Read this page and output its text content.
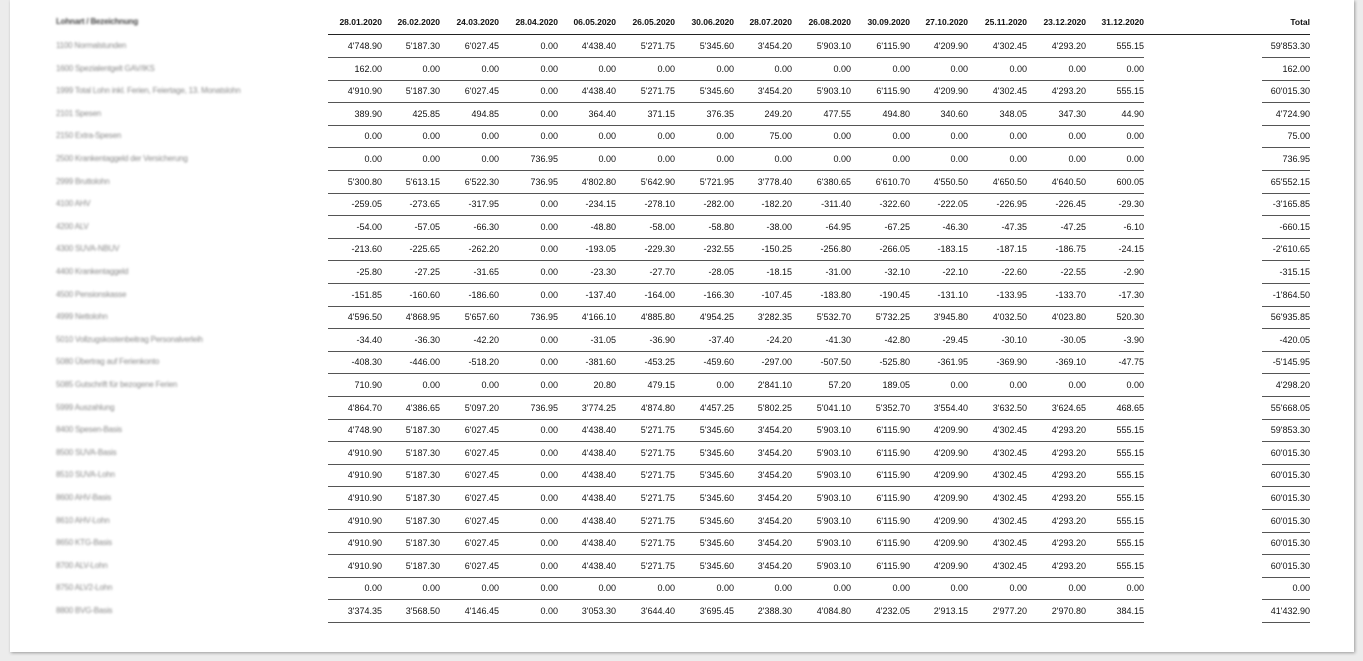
Lohnart / Bezeichnung	28.01.2020	26.02.2020	24.03.2020	28.04.2020	06.05.2020	26.05.2020	30.06.2020	28.07.2020	26.08.2020	30.09.2020	27.10.2020	25.11.2020	23.12.2020	31.12.2020	Total
1100 Normalstunden	4'748.90	5'187.30	6'027.45	0.00	4'438.40	5'271.75	5'345.60	3'454.20	5'903.10	6'115.90	4'209.90	4'302.45	4'293.20	555.15	59'853.30
1600 Spezialentgelt GAV/IKS	162.00	0.00	0.00	0.00	0.00	0.00	0.00	0.00	0.00	0.00	0.00	0.00	0.00	0.00	162.00
1999 Total Lohn inkl. Ferien, Feiertage, 13. Monatslohn	4'910.90	5'187.30	6'027.45	0.00	4'438.40	5'271.75	5'345.60	3'454.20	5'903.10	6'115.90	4'209.90	4'302.45	4'293.20	555.15	60'015.30
2101 Spesen	389.90	425.85	494.85	0.00	364.40	371.15	376.35	249.20	477.55	494.80	340.60	348.05	347.30	44.90	4'724.90
2150 Extra-Spesen	0.00	0.00	0.00	0.00	0.00	0.00	0.00	75.00	0.00	0.00	0.00	0.00	0.00	0.00	75.00
2500 Krankentaggeld der Versicherung	0.00	0.00	0.00	736.95	0.00	0.00	0.00	0.00	0.00	0.00	0.00	0.00	0.00	0.00	736.95
2999 Bruttolohn	5'300.80	5'613.15	6'522.30	736.95	4'802.80	5'642.90	5'721.95	3'778.40	6'380.65	6'610.70	4'550.50	4'650.50	4'640.50	600.05	65'552.15
4100 AHV	-259.05	-273.65	-317.95	0.00	-234.15	-278.10	-282.00	-182.20	-311.40	-322.60	-222.05	-226.95	-226.45	-29.30	-3'165.85
4200 ALV	-54.00	-57.05	-66.30	0.00	-48.80	-58.00	-58.80	-38.00	-64.95	-67.25	-46.30	-47.35	-47.25	-6.10	-660.15
4300 SUVA-NBUV	-213.60	-225.65	-262.20	0.00	-193.05	-229.30	-232.55	-150.25	-256.80	-266.05	-183.15	-187.15	-186.75	-24.15	-2'610.65
4400 Krankentaggeld	-25.80	-27.25	-31.65	0.00	-23.30	-27.70	-28.05	-18.15	-31.00	-32.10	-22.10	-22.60	-22.55	-2.90	-315.15
4500 Pensionskasse	-151.85	-160.60	-186.60	0.00	-137.40	-164.00	-166.30	-107.45	-183.80	-190.45	-131.10	-133.95	-133.70	-17.30	-1'864.50
4999 Nettolohn	4'596.50	4'868.95	5'657.60	736.95	4'166.10	4'885.80	4'954.25	3'282.35	5'532.70	5'732.25	3'945.80	4'032.50	4'023.80	520.30	56'935.85
5010 Vollzugskostenbeitrag Personalverleih	-34.40	-36.30	-42.20	0.00	-31.05	-36.90	-37.40	-24.20	-41.30	-42.80	-29.45	-30.10	-30.05	-3.90	-420.05
5080 Übertrag auf Ferienkonto	-408.30	-446.00	-518.20	0.00	-381.60	-453.25	-459.60	-297.00	-507.50	-525.80	-361.95	-369.90	-369.10	-47.75	-5'145.95
5085 Gutschrift für bezogene Ferien	710.90	0.00	0.00	0.00	20.80	479.15	0.00	2'841.10	57.20	189.05	0.00	0.00	0.00	0.00	4'298.20
5999 Auszahlung	4'864.70	4'386.65	5'097.20	736.95	3'774.25	4'874.80	4'457.25	5'802.25	5'041.10	5'352.70	3'554.40	3'632.50	3'624.65	468.65	55'668.05
8400 Spesen-Basis	4'748.90	5'187.30	6'027.45	0.00	4'438.40	5'271.75	5'345.60	3'454.20	5'903.10	6'115.90	4'209.90	4'302.45	4'293.20	555.15	59'853.30
8500 SUVA-Basis	4'910.90	5'187.30	6'027.45	0.00	4'438.40	5'271.75	5'345.60	3'454.20	5'903.10	6'115.90	4'209.90	4'302.45	4'293.20	555.15	60'015.30
8510 SUVA-Lohn	4'910.90	5'187.30	6'027.45	0.00	4'438.40	5'271.75	5'345.60	3'454.20	5'903.10	6'115.90	4'209.90	4'302.45	4'293.20	555.15	60'015.30
8600 AHV-Basis	4'910.90	5'187.30	6'027.45	0.00	4'438.40	5'271.75	5'345.60	3'454.20	5'903.10	6'115.90	4'209.90	4'302.45	4'293.20	555.15	60'015.30
8610 AHV-Lohn	4'910.90	5'187.30	6'027.45	0.00	4'438.40	5'271.75	5'345.60	3'454.20	5'903.10	6'115.90	4'209.90	4'302.45	4'293.20	555.15	60'015.30
8650 KTG-Basis	4'910.90	5'187.30	6'027.45	0.00	4'438.40	5'271.75	5'345.60	3'454.20	5'903.10	6'115.90	4'209.90	4'302.45	4'293.20	555.15	60'015.30
8700 ALV-Lohn	4'910.90	5'187.30	6'027.45	0.00	4'438.40	5'271.75	5'345.60	3'454.20	5'903.10	6'115.90	4'209.90	4'302.45	4'293.20	555.15	60'015.30
8750 ALV2-Lohn	0.00	0.00	0.00	0.00	0.00	0.00	0.00	0.00	0.00	0.00	0.00	0.00	0.00	0.00	0.00
8800 BVG-Basis	3'374.35	3'568.50	4'146.45	0.00	3'053.30	3'644.40	3'695.45	2'388.30	4'084.80	4'232.05	2'913.15	2'977.20	2'970.80	384.15	41'432.90
